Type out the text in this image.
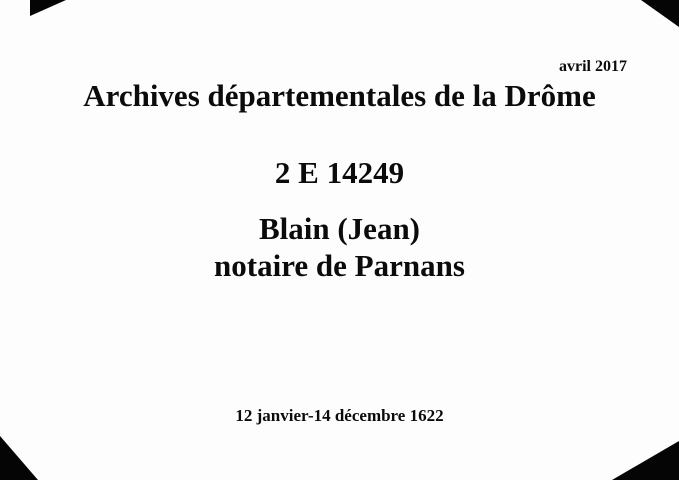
avril 2017
Archives départementales de la Drôme
2 E 14249
Blain (Jean)
notaire de Parnans
12 janvier-14 décembre 1622
